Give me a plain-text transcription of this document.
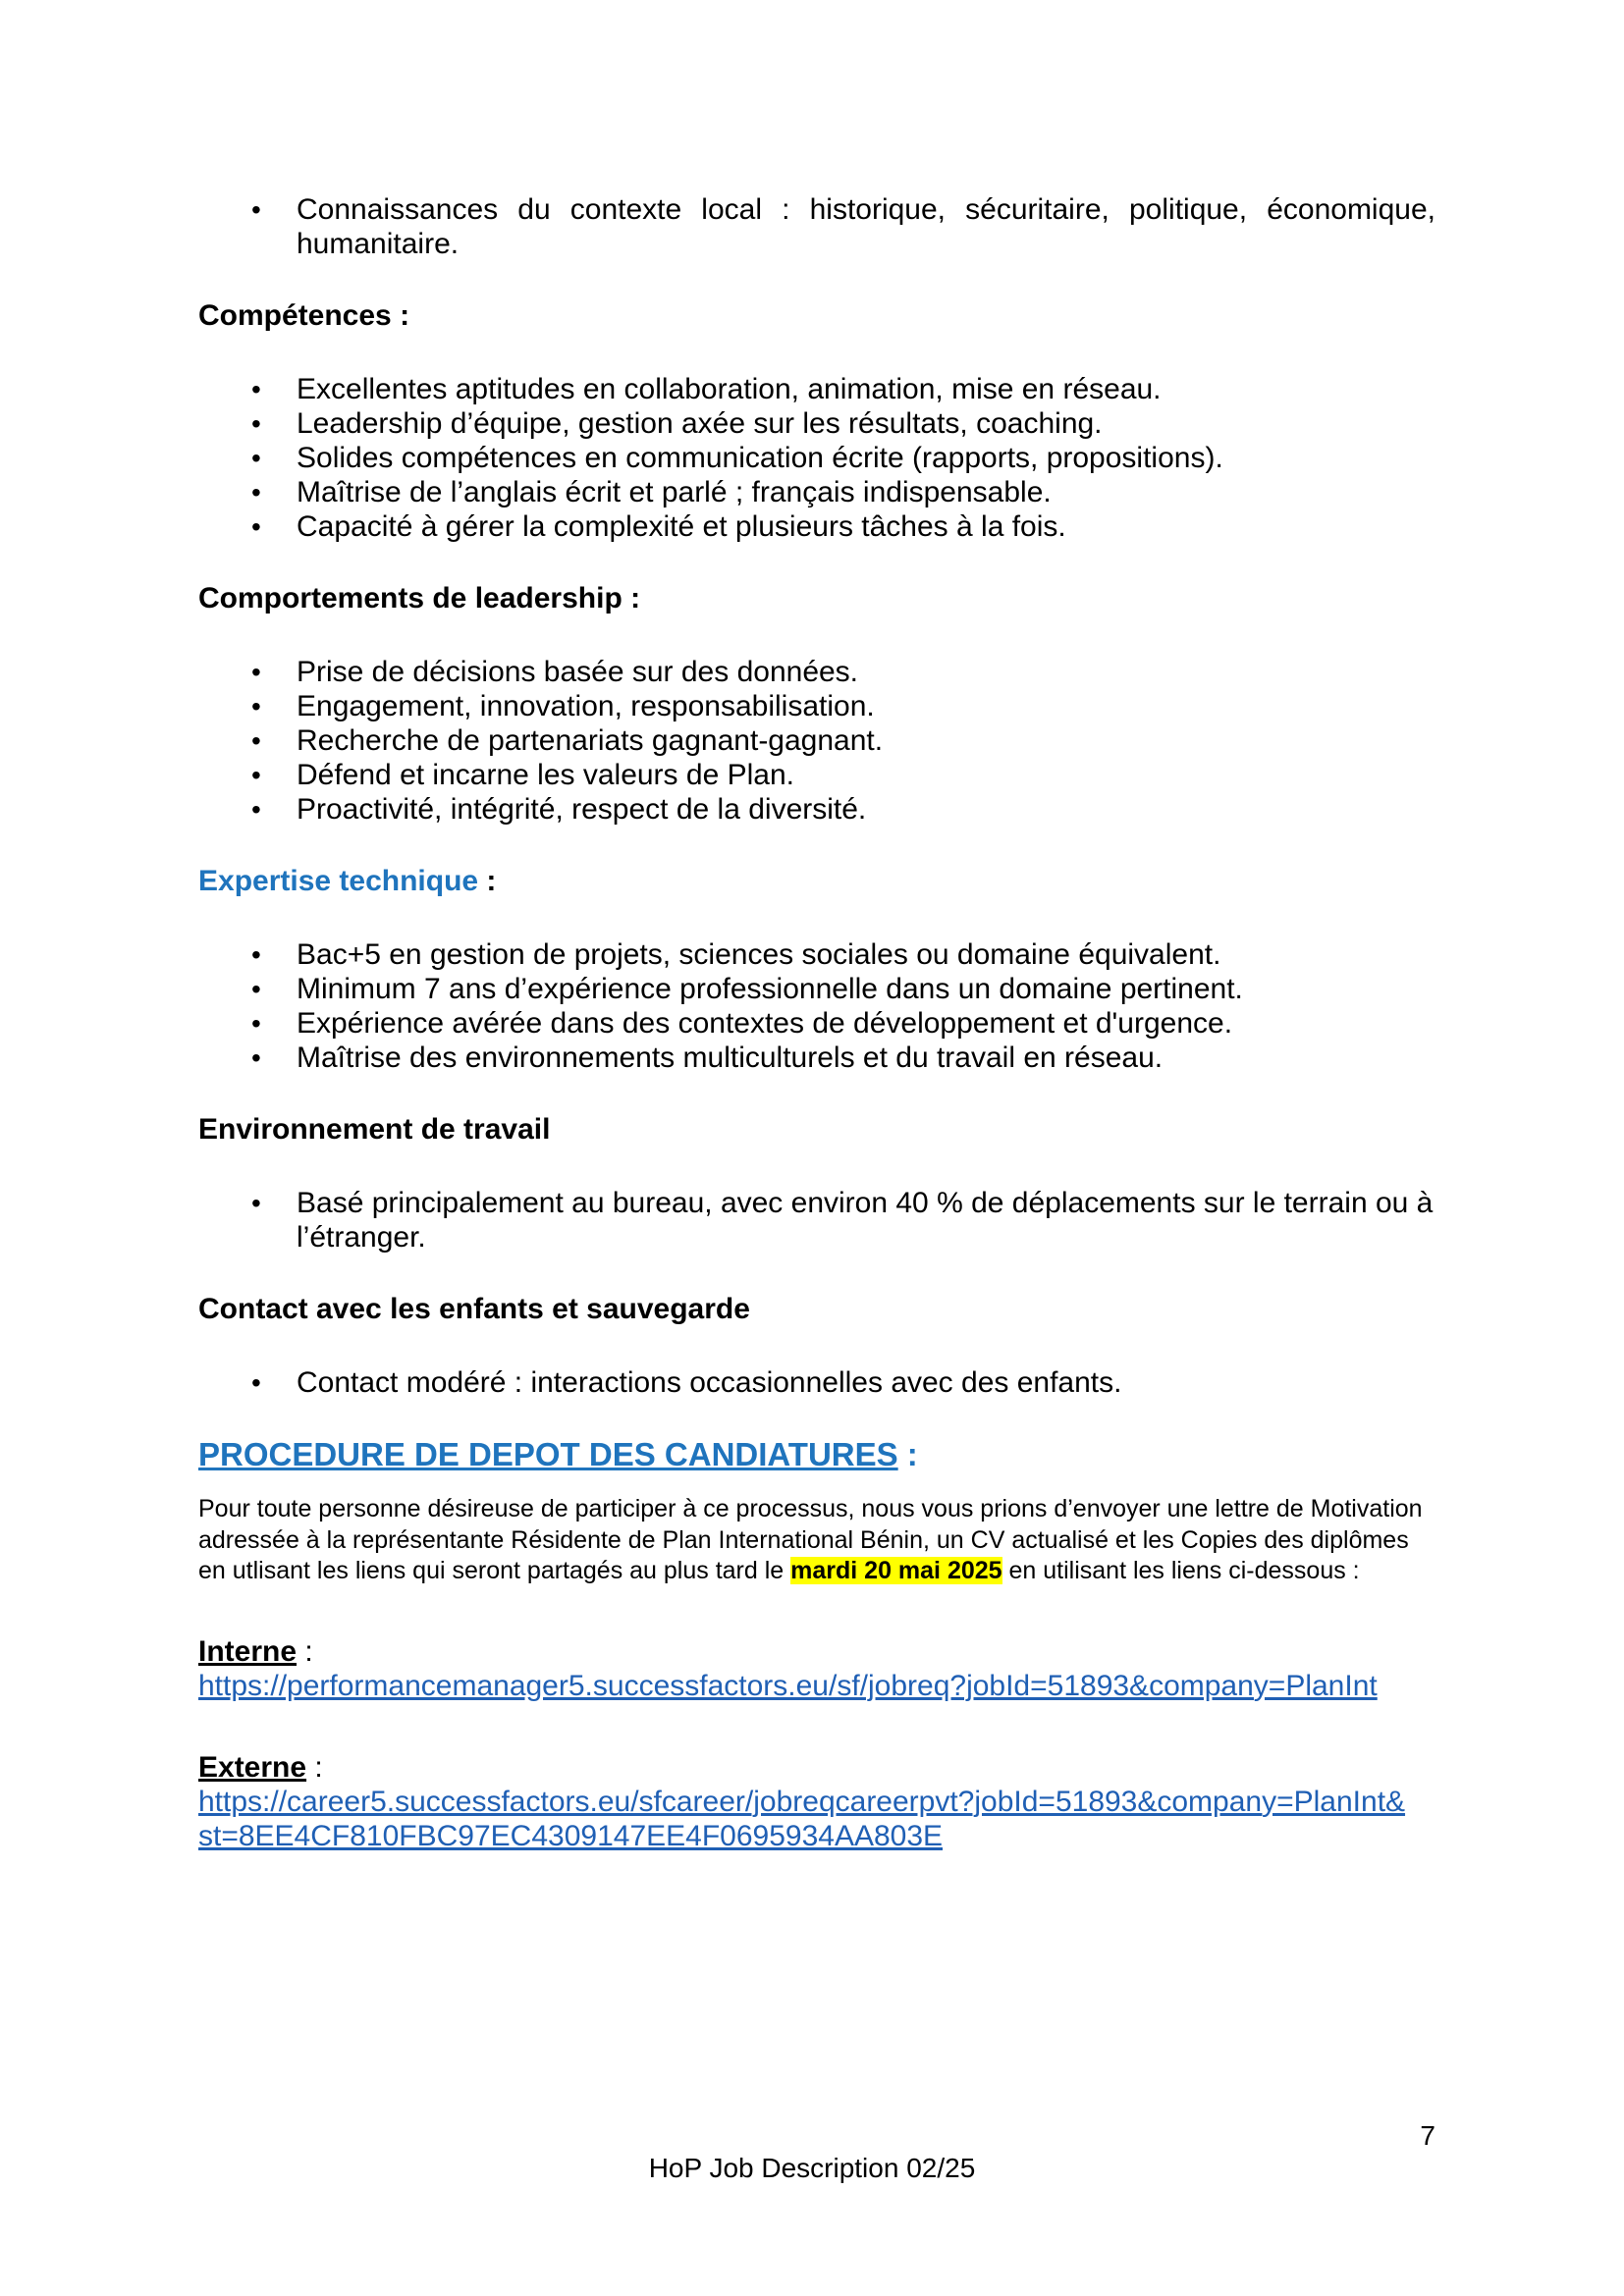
• Connaissances du contexte local : historique, sécuritaire, politique, économique, humanitaire.
Compétences :
• Excellentes aptitudes en collaboration, animation, mise en réseau.
• Leadership d’équipe, gestion axée sur les résultats, coaching.
• Solides compétences en communication écrite (rapports, propositions).
• Maîtrise de l’anglais écrit et parlé ; français indispensable.
• Capacité à gérer la complexité et plusieurs tâches à la fois.
Comportements de leadership :
• Prise de décisions basée sur des données.
• Engagement, innovation, responsabilisation.
• Recherche de partenariats gagnant-gagnant.
• Défend et incarne les valeurs de Plan.
• Proactivité, intégrité, respect de la diversité.
Expertise technique :
• Bac+5 en gestion de projets, sciences sociales ou domaine équivalent.
• Minimum 7 ans d’expérience professionnelle dans un domaine pertinent.
• Expérience avérée dans des contextes de développement et d'urgence.
• Maîtrise des environnements multiculturels et du travail en réseau.
Environnement de travail
• Basé principalement au bureau, avec environ 40 % de déplacements sur le terrain ou à l’étranger.
Contact avec les enfants et sauvegarde
• Contact modéré : interactions occasionnelles avec des enfants.
PROCEDURE DE DEPOT DES CANDIATURES :
Pour toute personne désireuse de participer à ce processus, nous vous prions d’envoyer une lettre de Motivation adressée à la représentante Résidente de Plan International Bénin, un CV actualisé et les Copies des diplômes en utlisant les liens qui seront partagés au plus tard le mardi 20 mai 2025 en utilisant les liens ci-dessous :
Interne :
https://performancemanager5.successfactors.eu/sf/jobreq?jobId=51893&company=PlanInt
Externe :
https://career5.successfactors.eu/sfcareer/jobreqcareerpvt?jobId=51893&company=PlanInt&
st=8EE4CF810FBC97EC4309147EE4F0695934AA803E
7
HoP Job Description 02/25
